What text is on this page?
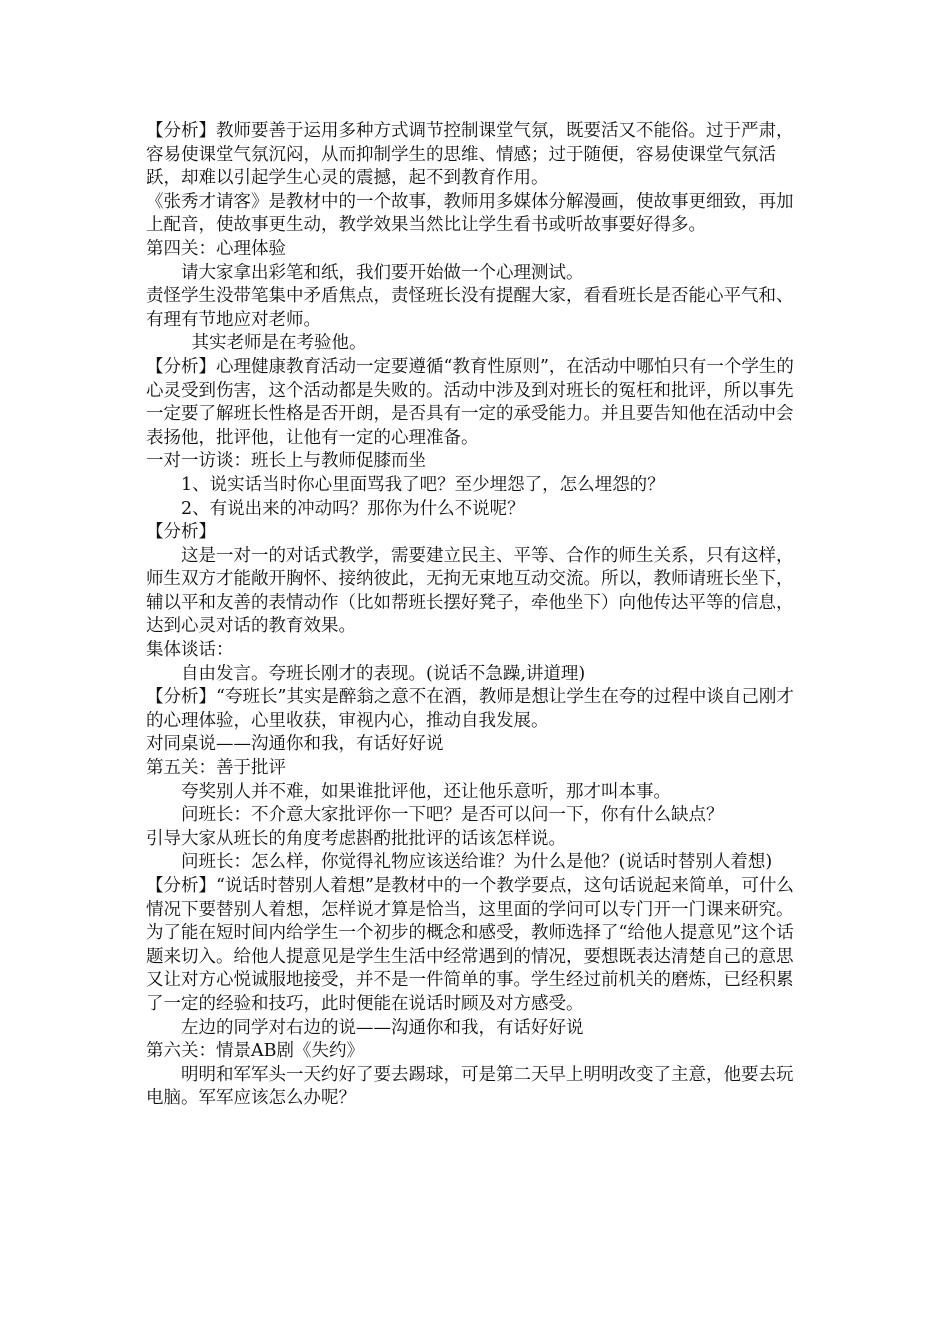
【分析】教师要善于运用多种方式调节控制课堂气氛，既要活又不能俗。过于严肃，容易使课堂气氛沉闷，从而抑制学生的思维、情感；过于随便，容易使课堂气氛活跃，却难以引起学生心灵的震撼，起不到教育作用。

《张秀才请客》是教材中的一个故事，教师用多媒体分解漫画，使故事更细致，再加上配音，使故事更生动，教学效果当然比让学生看书或听故事要好得多。

第四关：心理体验

请大家拿出彩笔和纸，我们要开始做一个心理测试。

责怪学生没带笔集中矛盾焦点，责怪班长没有提醒大家，看看班长是否能心平气和、有理有节地应对老师。

其实老师是在考验他。

【分析】心理健康教育活动一定要遵循“教育性原则”，在活动中哪怕只有一个学生的心灵受到伤害，这个活动都是失败的。活动中涉及到对班长的冤枉和批评，所以事先一定要了解班长性格是否开朗，是否具有一定的承受能力。并且要告知他在活动中会表扬他，批评他，让他有一定的心理准备。

一对一访谈：班长上与教师促膝而坐

1、说实话当时你心里面骂我了吧？至少埋怨了，怎么埋怨的？

2、有说出来的冲动吗？那你为什么不说呢？

【分析】

这是一对一的对话式教学，需要建立民主、平等、合作的师生关系，只有这样，师生双方才能敞开胸怀、接纳彼此，无拘无束地互动交流。所以，教师请班长坐下，辅以平和友善的表情动作（比如帮班长摆好凳子，牵他坐下）向他传达平等的信息，达到心灵对话的教育效果。

集体谈话：

自由发言。夸班长刚才的表现。(说话不急躁,讲道理)

【分析】“夸班长”其实是醉翁之意不在酒，教师是想让学生在夸的过程中谈自己刚才的心理体验，心里收获，审视内心，推动自我发展。

对同桌说——沟通你和我，有话好好说

第五关：善于批评

夸奖别人并不难，如果谁批评他，还让他乐意听，那才叫本事。

问班长：不介意大家批评你一下吧？是否可以问一下，你有什么缺点？

引导大家从班长的角度考虑斟酌批批评的话该怎样说。

问班长：怎么样，你觉得礼物应该送给谁？为什么是他？(说话时替别人着想)

【分析】“说话时替别人着想”是教材中的一个教学要点，这句话说起来简单，可什么情况下要替别人着想，怎样说才算是恰当，这里面的学问可以专门开一门课来研究。为了能在短时间内给学生一个初步的概念和感受，教师选择了“给他人提意见”这个话题来切入。给他人提意见是学生生活中经常遇到的情况，要想既表达清楚自己的意思又让对方心悦诚服地接受，并不是一件简单的事。学生经过前机关的磨炼，已经积累了一定的经验和技巧，此时便能在说话时顾及对方感受。

左边的同学对右边的说——沟通你和我，有话好好说

第六关：情景AB剧《失约》

明明和军军头一天约好了要去踢球，可是第二天早上明明改变了主意，他要去玩电脑。军军应该怎么办呢？
